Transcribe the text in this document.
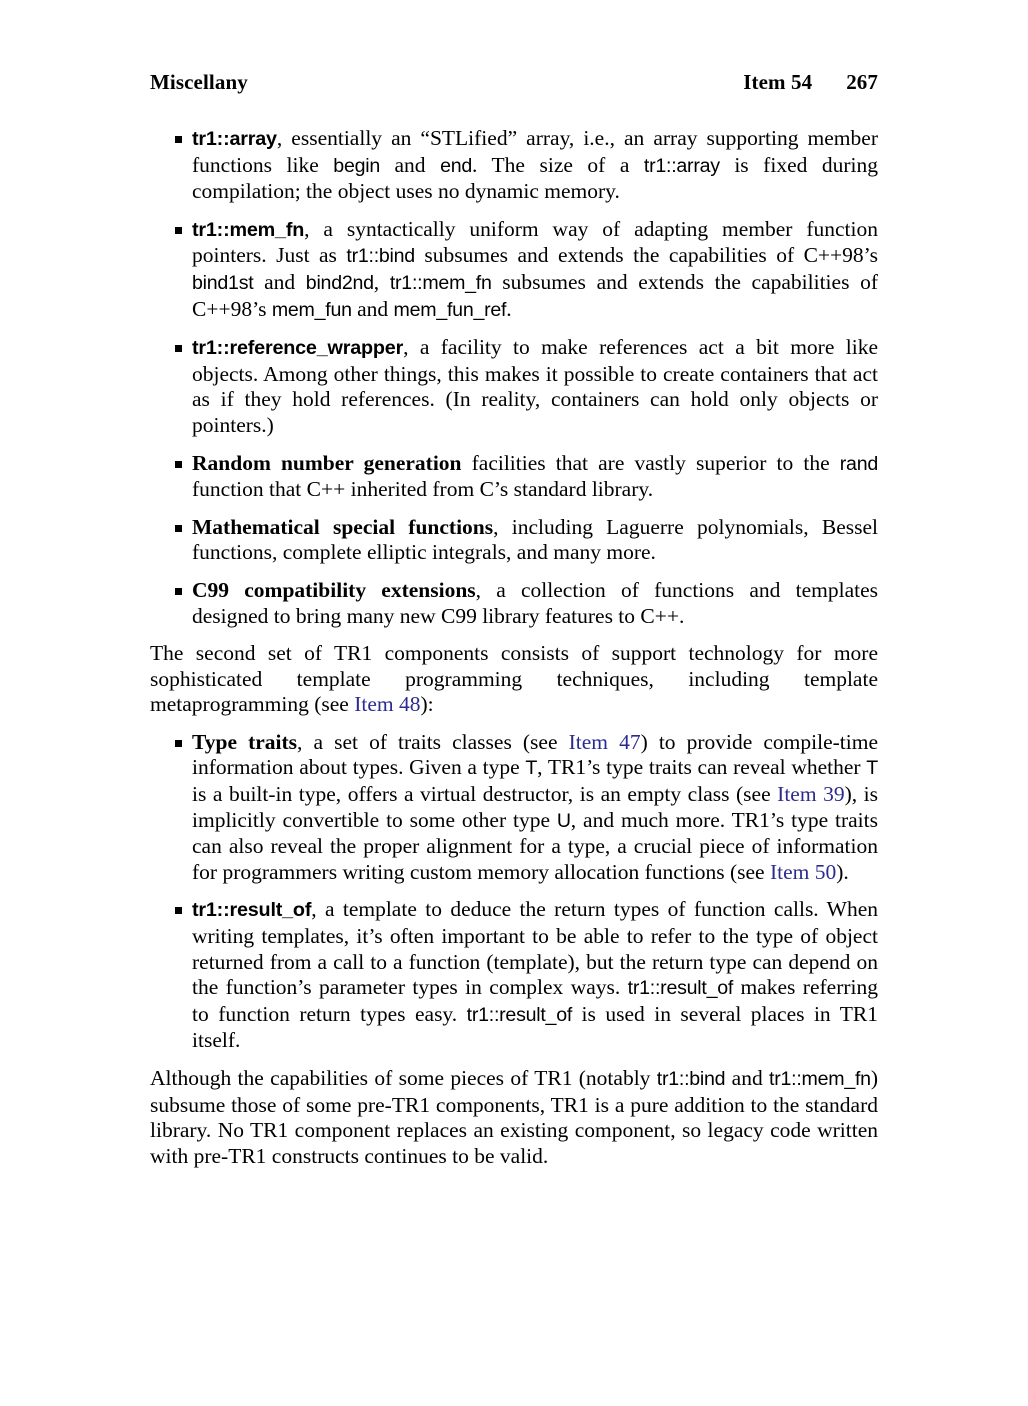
Miscellany	Item 54 267
tr1::array, essentially an “STLified” array, i.e., an array supporting member functions like begin and end. The size of a tr1::array is fixed during compilation; the object uses no dynamic memory.
tr1::mem_fn, a syntactically uniform way of adapting member function pointers. Just as tr1::bind subsumes and extends the capabilities of C++98’s bind1st and bind2nd, tr1::mem_fn subsumes and extends the capabilities of C++98’s mem_fun and mem_fun_ref.
tr1::reference_wrapper, a facility to make references act a bit more like objects. Among other things, this makes it possible to create containers that act as if they hold references. (In reality, containers can hold only objects or pointers.)
Random number generation facilities that are vastly superior to the rand function that C++ inherited from C’s standard library.
Mathematical special functions, including Laguerre polynomials, Bessel functions, complete elliptic integrals, and many more.
C99 compatibility extensions, a collection of functions and templates designed to bring many new C99 library features to C++.

The second set of TR1 components consists of support technology for more sophisticated template programming techniques, including template metaprogramming (see Item 48):

Type traits, a set of traits classes (see Item 47) to provide compile-time information about types. Given a type T, TR1’s type traits can reveal whether T is a built-in type, offers a virtual destructor, is an empty class (see Item 39), is implicitly convertible to some other type U, and much more. TR1’s type traits can also reveal the proper alignment for a type, a crucial piece of information for programmers writing custom memory allocation functions (see Item 50).
tr1::result_of, a template to deduce the return types of function calls. When writing templates, it’s often important to be able to refer to the type of object returned from a call to a function (template), but the return type can depend on the function’s parameter types in complex ways. tr1::result_of makes referring to function return types easy. tr1::result_of is used in several places in TR1 itself.

Although the capabilities of some pieces of TR1 (notably tr1::bind and tr1::mem_fn) subsume those of some pre-TR1 components, TR1 is a pure addition to the standard library. No TR1 component replaces an existing component, so legacy code written with pre-TR1 constructs continues to be valid.
